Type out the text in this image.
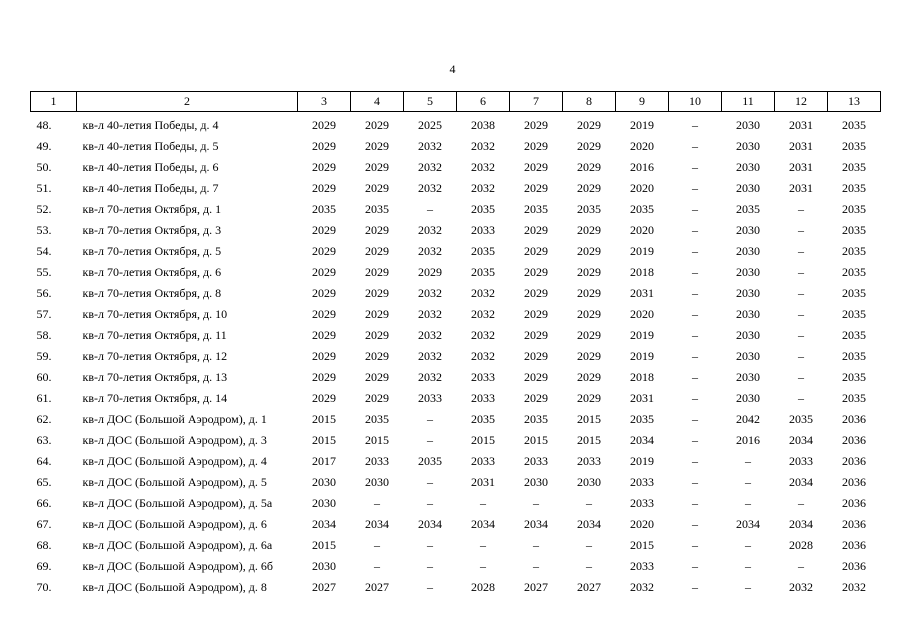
4
1	2	3	4	5	6	7	8	9	10	11	12	13
48.	кв-л 40-летия Победы, д. 4	2029	2029	2025	2038	2029	2029	2019	–	2030	2031	2035
49.	кв-л 40-летия Победы, д. 5	2029	2029	2032	2032	2029	2029	2020	–	2030	2031	2035
50.	кв-л 40-летия Победы, д. 6	2029	2029	2032	2032	2029	2029	2016	–	2030	2031	2035
51.	кв-л 40-летия Победы, д. 7	2029	2029	2032	2032	2029	2029	2020	–	2030	2031	2035
52.	кв-л 70-летия Октября, д. 1	2035	2035	–	2035	2035	2035	2035	–	2035	–	2035
53.	кв-л 70-летия Октября, д. 3	2029	2029	2032	2033	2029	2029	2020	–	2030	–	2035
54.	кв-л 70-летия Октября, д. 5	2029	2029	2032	2035	2029	2029	2019	–	2030	–	2035
55.	кв-л 70-летия Октября, д. 6	2029	2029	2029	2035	2029	2029	2018	–	2030	–	2035
56.	кв-л 70-летия Октября, д. 8	2029	2029	2032	2032	2029	2029	2031	–	2030	–	2035
57.	кв-л 70-летия Октября, д. 10	2029	2029	2032	2032	2029	2029	2020	–	2030	–	2035
58.	кв-л 70-летия Октября, д. 11	2029	2029	2032	2032	2029	2029	2019	–	2030	–	2035
59.	кв-л 70-летия Октября, д. 12	2029	2029	2032	2032	2029	2029	2019	–	2030	–	2035
60.	кв-л 70-летия Октября, д. 13	2029	2029	2032	2033	2029	2029	2018	–	2030	–	2035
61.	кв-л 70-летия Октября, д. 14	2029	2029	2033	2033	2029	2029	2031	–	2030	–	2035
62.	кв-л ДОС (Большой Аэродром), д. 1	2015	2035	–	2035	2035	2015	2035	–	2042	2035	2036
63.	кв-л ДОС (Большой Аэродром), д. 3	2015	2015	–	2015	2015	2015	2034	–	2016	2034	2036
64.	кв-л ДОС (Большой Аэродром), д. 4	2017	2033	2035	2033	2033	2033	2019	–	–	2033	2036
65.	кв-л ДОС (Большой Аэродром), д. 5	2030	2030	–	2031	2030	2030	2033	–	–	2034	2036
66.	кв-л ДОС (Большой Аэродром), д. 5а	2030	–	–	–	–	–	2033	–	–	–	2036
67.	кв-л ДОС (Большой Аэродром), д. 6	2034	2034	2034	2034	2034	2034	2020	–	2034	2034	2036
68.	кв-л ДОС (Большой Аэродром), д. 6а	2015	–	–	–	–	–	2015	–	–	2028	2036
69.	кв-л ДОС (Большой Аэродром), д. 6б	2030	–	–	–	–	–	2033	–	–	–	2036
70.	кв-л ДОС (Большой Аэродром), д. 8	2027	2027	–	2028	2027	2027	2032	–	–	2032	2032
